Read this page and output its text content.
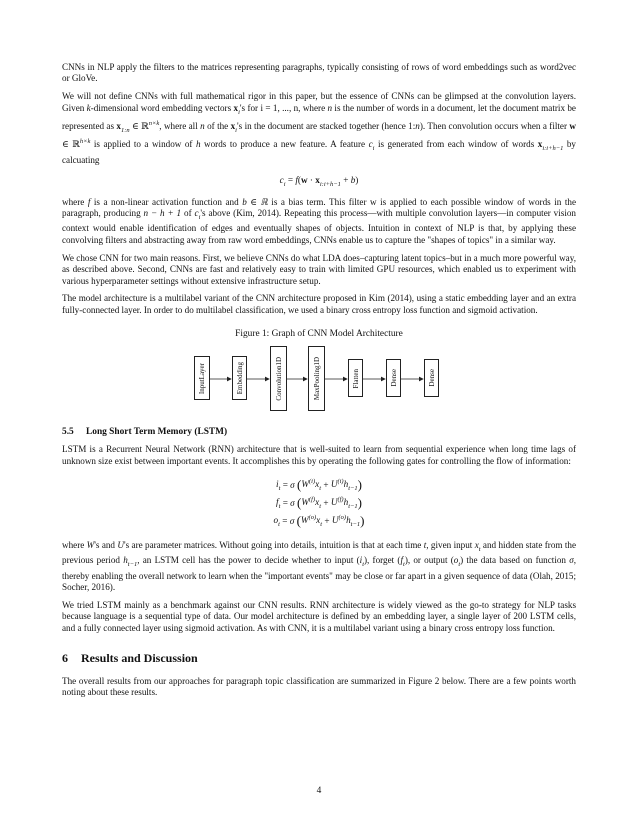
CNNs in NLP apply the filters to the matrices representing paragraphs, typically consisting of rows of word embeddings such as word2vec or GloVe.

We will not define CNNs with full mathematical rigor in this paper, but the essence of CNNs can be glimpsed at the convolution layers. Given k-dimensional word embedding vectors $x_i's$ for i = 1, ..., n, where n is the number of words in a document, let the document matrix be represented as $x_{1:n}$ ∈ ℝ$^{n\times k}$, where all n of the $x_i's$ in the document are stacked together (hence 1:n). Then convolution occurs when a filter w ∈ ℝ$^{h\times k}$ is applied to a window of h words to produce a new feature. A feature $c_i$ is generated from each window of words $x_{i:i+h-1}$ by calcuating

$c_i = f(w \cdot x_{i:i+h-1} + b)$

where f is a non-linear activation function and b ∈ ℝ is a bias term. This filter w is applied to each possible window of words in the paragraph, producing n − h + 1 of $c_i's$ above (Kim, 2014). Repeating this process—with multiple convolution layers—in computer vision context would enable identification of edges and eventually shapes of objects. Intuition in context of NLP is that, by applying these convolving filters and abstracting away from raw word embeddings, CNNs enable us to capture the "shapes of topics" in a similar way.

We chose CNN for two main reasons. First, we believe CNNs do what LDA does–capturing latent topics–but in a much more powerful way, as described above. Second, CNNs are fast and relatively easy to train with limited GPU resources, which enabled us to experiment with various hyperparameter settings without extensive infrastructure setup.

The model architecture is a multilabel variant of the CNN architecture proposed in Kim (2014), using a static embedding layer and an extra fully-connected layer. In order to do multilabel classification, we used a binary cross entropy loss function and sigmoid activation.

Figure 1: Graph of CNN Model Architecture
InputLayer	Embedding	Convolution1D	MaxPooling1D	Flatten	Dense	Dense
5.5 Long Short Term Memory (LSTM)

LSTM is a Recurrent Neural Network (RNN) architecture that is well-suited to learn from sequential experience when long time lags of unknown size exist between important events. It accomplishes this by operating the following gates for controlling the flow of information:

$i_t = \sigma$
( $W^{(i)}x_t + U^{(i)}h_{t-1}$ )
$f_t = \sigma$
( $W^{(f)}x_t + U^{(f)}h_{t-1}$ )
$o_t = \sigma$
( $W^{(o)}x_t + U^{(o)}h_{t-1}$ )

where W's and U's are parameter matrices. Without going into details, intuition is that at each time t, given input $x_t$ and hidden state from the previous period $h_{t-1}$, an LSTM cell has the power to decide whether to input $(i_t)$, forget $(f_t)$, or output $(o_t)$ the data based on function σ, thereby enabling the overall network to learn when the "important events" may be close or far apart in a given sequence of data (Olah, 2015; Socher, 2016).

We tried LSTM mainly as a benchmark against our CNN results. RNN architecture is widely viewed as the go-to strategy for NLP tasks because language is a sequential type of data. Our model architecture is defined by an embedding layer, a single layer of 200 LSTM cells, and a fully connected layer using sigmoid activation. As with CNN, it is a multilabel variant using a binary cross entropy loss function.

6 Results and Discussion

The overall results from our approaches for paragraph topic classification are summarized in Figure 2 below. There are a few points worth noting about these results.

4
